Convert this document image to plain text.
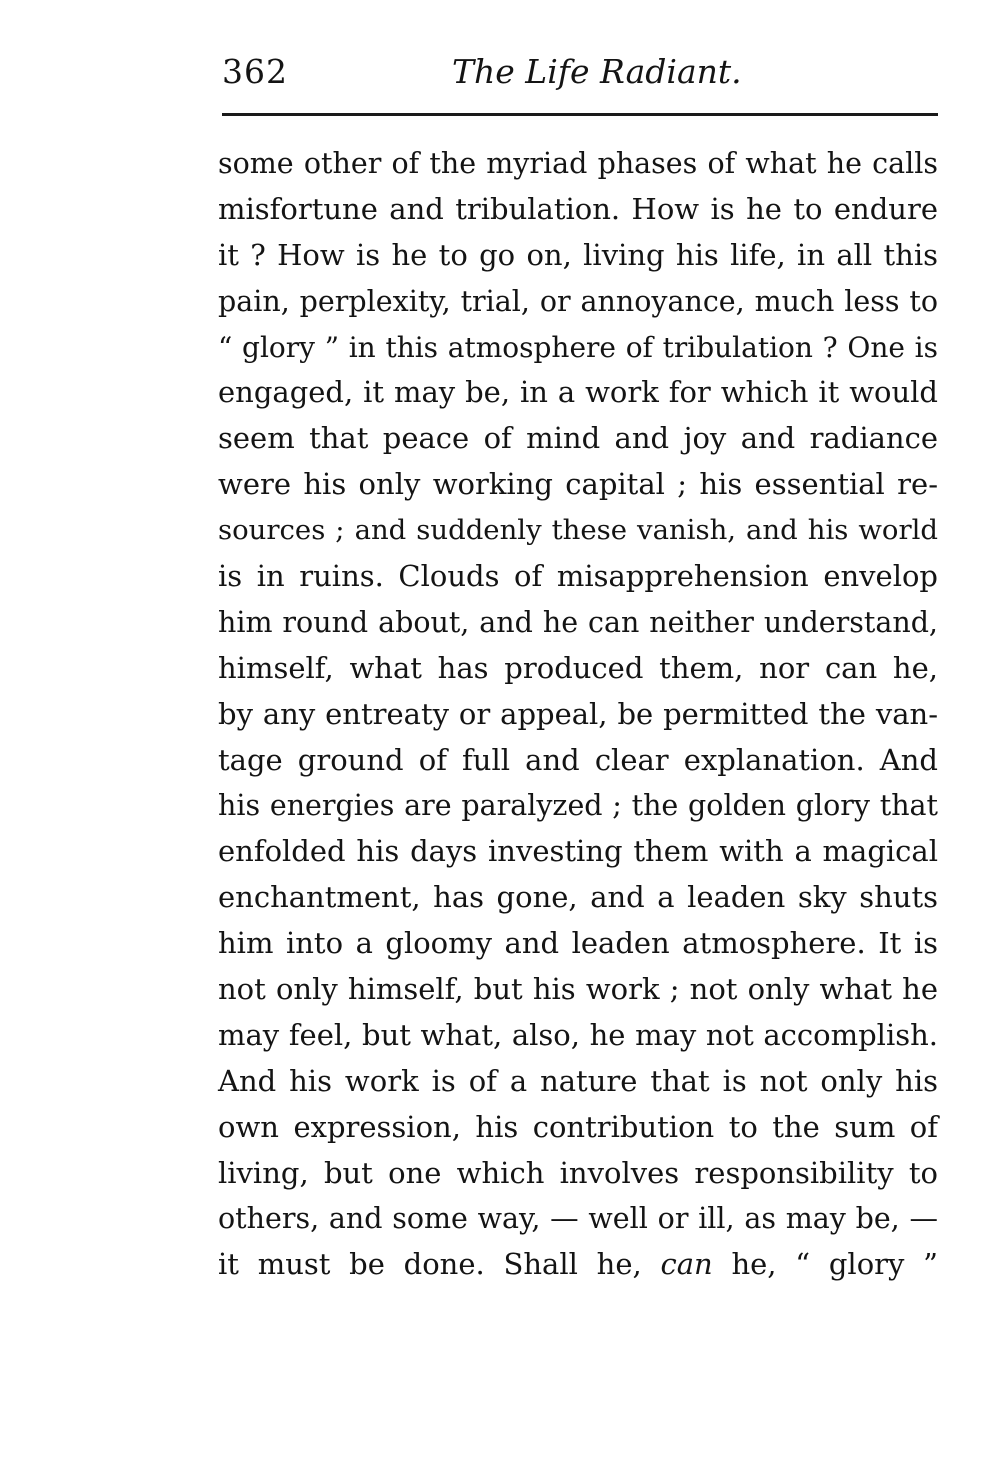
362	The Life Radiant.
some other of the myriad phases of what he calls
misfortune and tribulation. How is he to endure
it ? How is he to go on, living his life, in all this
pain, perplexity, trial, or annoyance, much less to
“ glory ” in this atmosphere of tribulation ? One is
engaged, it may be, in a work for which it would
seem that peace of mind and joy and radiance
were his only working capital ; his essential re-
sources ; and suddenly these vanish, and his world
is in ruins. Clouds of misapprehension envelop
him round about, and he can neither understand,
himself, what has produced them, nor can he,
by any entreaty or appeal, be permitted the van-
tage ground of full and clear explanation. And
his energies are paralyzed ; the golden glory that
enfolded his days investing them with a magical
enchantment, has gone, and a leaden sky shuts
him into a gloomy and leaden atmosphere. It is
not only himself, but his work ; not only what he
may feel, but what, also, he may not accomplish.
And his work is of a nature that is not only his
own expression, his contribution to the sum of
living, but one which involves responsibility to
others, and some way, — well or ill, as may be, —
it must be done. Shall he, can he, “ glory ”
